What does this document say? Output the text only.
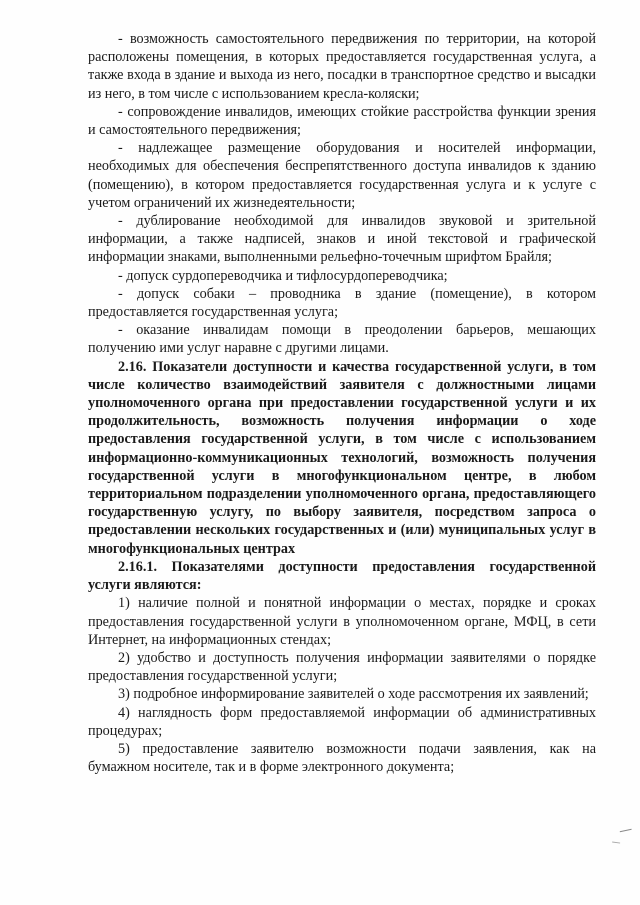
- возможность самостоятельного передвижения по территории, на которой расположены помещения, в которых предоставляется государственная услуга, а также входа в здание и выхода из него, посадки в транспортное средство и высадки из него, в том числе с использованием кресла-коляски;

- сопровождение инвалидов, имеющих стойкие расстройства функции зрения и самостоятельного передвижения;

- надлежащее размещение оборудования и носителей информации, необходимых для обеспечения беспрепятственного доступа инвалидов к зданию (помещению), в котором предоставляется государственная услуга и к услуге с учетом ограничений их жизнедеятельности;

- дублирование необходимой для инвалидов звуковой и зрительной информации, а также надписей, знаков и иной текстовой и графической информации знаками, выполненными рельефно-точечным шрифтом Брайля;

- допуск сурдопереводчика и тифлосурдопереводчика;

- допуск собаки – проводника в здание (помещение), в котором предоставляется государственная услуга;

- оказание инвалидам помощи в преодолении барьеров, мешающих получению ими услуг наравне с другими лицами.

2.16. Показатели доступности и качества государственной услуги, в том числе количество взаимодействий заявителя с должностными лицами уполномоченного органа при предоставлении государственной услуги и их продолжительность, возможность получения информации о ходе предоставления государственной услуги, в том числе с использованием информационно-коммуникационных технологий, возможность получения государственной услуги в многофункциональном центре, в любом территориальном подразделении уполномоченного органа, предоставляющего государственную услугу, по выбору заявителя, посредством запроса о предоставлении нескольких государственных и (или) муниципальных услуг в многофункциональных центрах

2.16.1. Показателями доступности предоставления государственной услуги являются:

1) наличие полной и понятной информации о местах, порядке и сроках предоставления государственной услуги в уполномоченном органе, МФЦ, в сети Интернет, на информационных стендах;

2) удобство и доступность получения информации заявителями о порядке предоставления государственной услуги;

3) подробное информирование заявителей о ходе рассмотрения их заявлений;

4) наглядность форм предоставляемой информации об административных процедурах;

5) предоставление заявителю возможности подачи заявления, как на бумажном носителе, так и в форме электронного документа;
